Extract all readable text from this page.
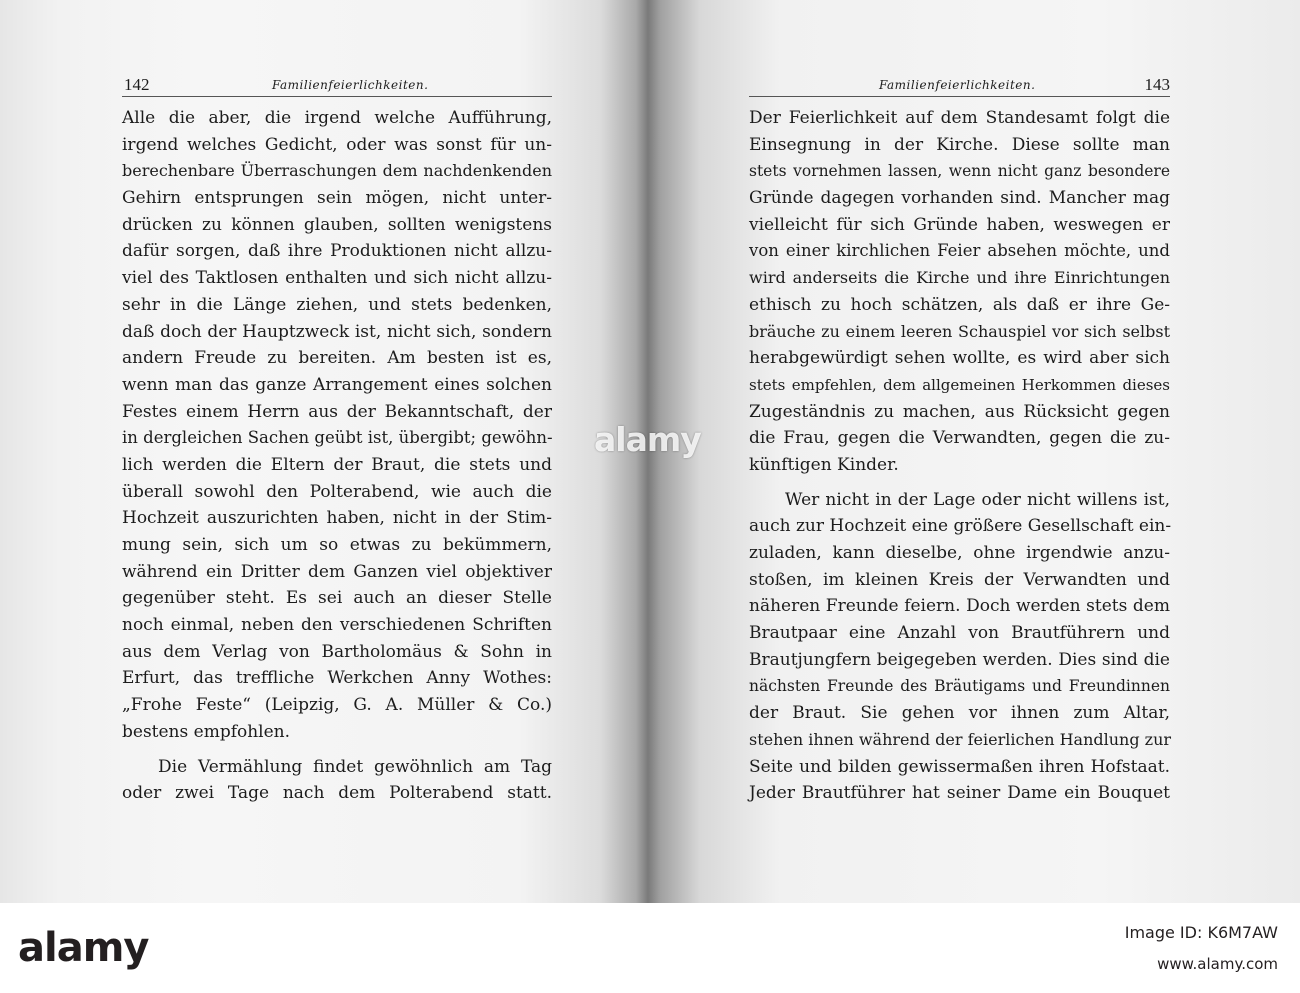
142	Familienfeierlichkeiten.
Alle die aber, die irgend welche Aufführung,
irgend welches Gedicht, oder was sonst für un-
berechenbare Überraschungen dem nachdenkenden
Gehirn entsprungen sein mögen, nicht unter-
drücken zu können glauben, sollten wenigstens
dafür sorgen, daß ihre Produktionen nicht allzu-
viel des Taktlosen enthalten und sich nicht allzu-
sehr in die Länge ziehen, und stets bedenken,
daß doch der Hauptzweck ist, nicht sich, sondern
andern Freude zu bereiten. Am besten ist es,
wenn man das ganze Arrangement eines solchen
Festes einem Herrn aus der Bekanntschaft, der
in dergleichen Sachen geübt ist, übergibt; gewöhn-
lich werden die Eltern der Braut, die stets und
überall sowohl den Polterabend, wie auch die
Hochzeit auszurichten haben, nicht in der Stim-
mung sein, sich um so etwas zu bekümmern,
während ein Dritter dem Ganzen viel objektiver
gegenüber steht. Es sei auch an dieser Stelle
noch einmal, neben den verschiedenen Schriften
aus dem Verlag von Bartholomäus & Sohn in
Erfurt, das treffliche Werkchen Anny Wothes:
„Frohe Feste“ (Leipzig, G. A. Müller & Co.)
bestens empfohlen.
Die Vermählung findet gewöhnlich am Tag
oder zwei Tage nach dem Polterabend statt.
Familienfeierlichkeiten.	143
Der Feierlichkeit auf dem Standesamt folgt die
Einsegnung in der Kirche. Diese sollte man
stets vornehmen lassen, wenn nicht ganz besondere
Gründe dagegen vorhanden sind. Mancher mag
vielleicht für sich Gründe haben, weswegen er
von einer kirchlichen Feier absehen möchte, und
wird anderseits die Kirche und ihre Einrichtungen
ethisch zu hoch schätzen, als daß er ihre Ge-
bräuche zu einem leeren Schauspiel vor sich selbst
herabgewürdigt sehen wollte, es wird aber sich
stets empfehlen, dem allgemeinen Herkommen dieses
Zugeständnis zu machen, aus Rücksicht gegen
die Frau, gegen die Verwandten, gegen die zu-
künftigen Kinder.
Wer nicht in der Lage oder nicht willens ist,
auch zur Hochzeit eine größere Gesellschaft ein-
zuladen, kann dieselbe, ohne irgendwie anzu-
stoßen, im kleinen Kreis der Verwandten und
näheren Freunde feiern. Doch werden stets dem
Brautpaar eine Anzahl von Brautführern und
Brautjungfern beigegeben werden. Dies sind die
nächsten Freunde des Bräutigams und Freundinnen
der Braut. Sie gehen vor ihnen zum Altar,
stehen ihnen während der feierlichen Handlung zur
Seite und bilden gewissermaßen ihren Hofstaat.
Jeder Brautführer hat seiner Dame ein Bouquet
alamy
alamy	Image ID: K6M7AW
www.alamy.com
